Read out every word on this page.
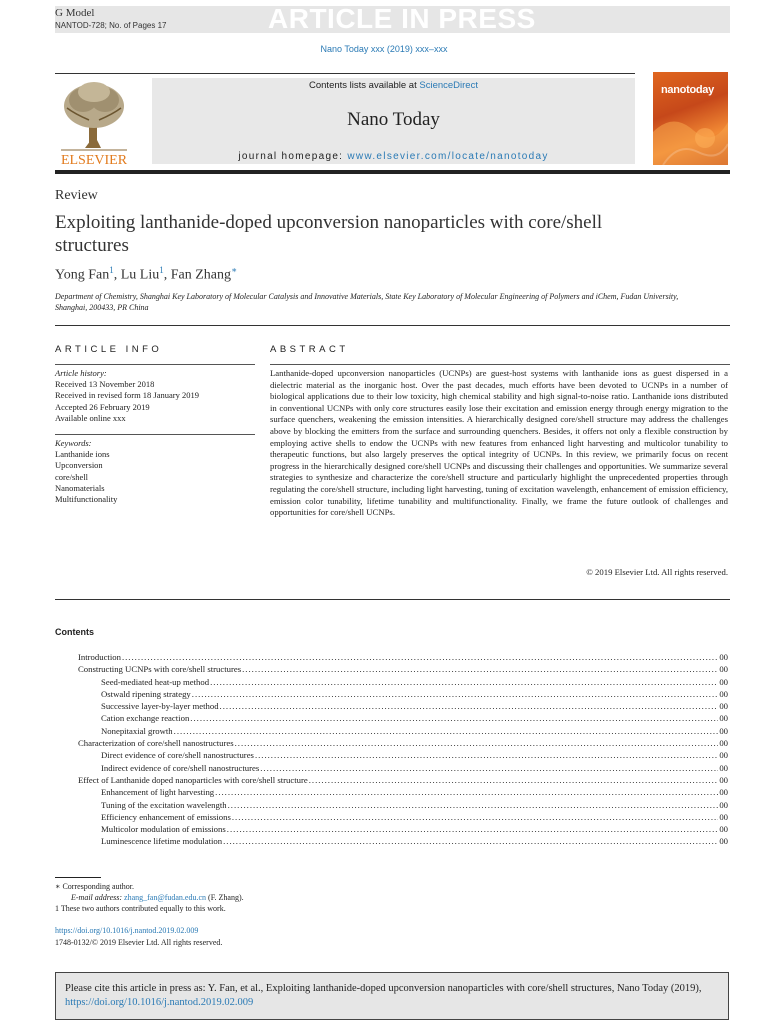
G Model
NANTOD-728; No. of Pages 17	ARTICLE IN PRESS
Nano Today xxx (2019) xxx–xxx
ELSEVIER
Contents lists available at ScienceDirect
Nano Today
journal homepage: www.elsevier.com/locate/nanotoday
nanotoday
Review
Exploiting lanthanide-doped upconversion nanoparticles with core/shell structures
Yong Fan$^1$, Lu Liu$^1$, Fan Zhang∗
Department of Chemistry, Shanghai Key Laboratory of Molecular Catalysis and Innovative Materials, State Key Laboratory of Molecular Engineering of Polymers and iChem, Fudan University, Shanghai, 200433, PR China
ARTICLE INFO
Article history:
Received 13 November 2018
Received in revised form 18 January 2019
Accepted 26 February 2019
Available online xxx
Keywords:
Lanthanide ions
Upconversion
core/shell
Nanomaterials
Multifunctionality
ABSTRACT
Lanthanide-doped upconversion nanoparticles (UCNPs) are guest-host systems with lanthanide ions as guest dispersed in a dielectric material as the inorganic host. Over the past decades, much efforts have been devoted to UCNPs in a number of biological applications due to their low toxicity, high chemical stability and high signal-to-noise ratio. Lanthanide ions distributed in conventional UCNPs with only core structures easily lose their excitation and emission energy through energy migration to the surface quenchers, weakening the emission intensities. A hierarchically designed core/shell structure may address the challenges above by blocking the emitters from the surface and surrounding quenchers. Besides, it offers not only a flexible construction by employing active shells to endow the UCNPs with new features from enhanced light harvesting and multicolor tunability to therapeutic functions, but also largely preserves the optical integrity of UCNPs. In this review, we primarily focus on recent progress in the hierarchically designed core/shell UCNPs and discussing their challenges and opportunities. We summarize several strategies to synthesize and characterize the core/shell structure and particularly highlight the unprecedented properties through regulating the core/shell structure, including light harvesting, tuning of excitation wavelength, enhancement of emission efficiency, emission color tunability, lifetime tunability and multifunctionality. Finally, we frame the future outlook of challenges and opportunities for core/shell UCNPs.
© 2019 Elsevier Ltd. All rights reserved.
Contents
Introduction .....	00
Constructing UCNPs with core/shell structures .....	00
Seed-mediated heat-up method .....	00
Ostwald ripening strategy .....	00
Successive layer-by-layer method .....	00
Cation exchange reaction .....	00
Nonepitaxial growth .....	00
Characterization of core/shell nanostructures .....	00
Direct evidence of core/shell nanostructures .....	00
Indirect evidence of core/shell nanostructures .....	00
Effect of Lanthanide doped nanoparticles with core/shell structure .....	00
Enhancement of light harvesting .....	00
Tuning of the excitation wavelength .....	00
Efficiency enhancement of emissions .....	00
Multicolor modulation of emissions .....	00
Luminescence lifetime modulation .....	00
∗ Corresponding author.
E-mail address: zhang_fan@fudan.edu.cn (F. Zhang).
1 These two authors contributed equally to this work.
https://doi.org/10.1016/j.nantod.2019.02.009
1748-0132/© 2019 Elsevier Ltd. All rights reserved.
Please cite this article in press as: Y. Fan, et al., Exploiting lanthanide-doped upconversion nanoparticles with core/shell structures, Nano Today (2019), https://doi.org/10.1016/j.nantod.2019.02.009
